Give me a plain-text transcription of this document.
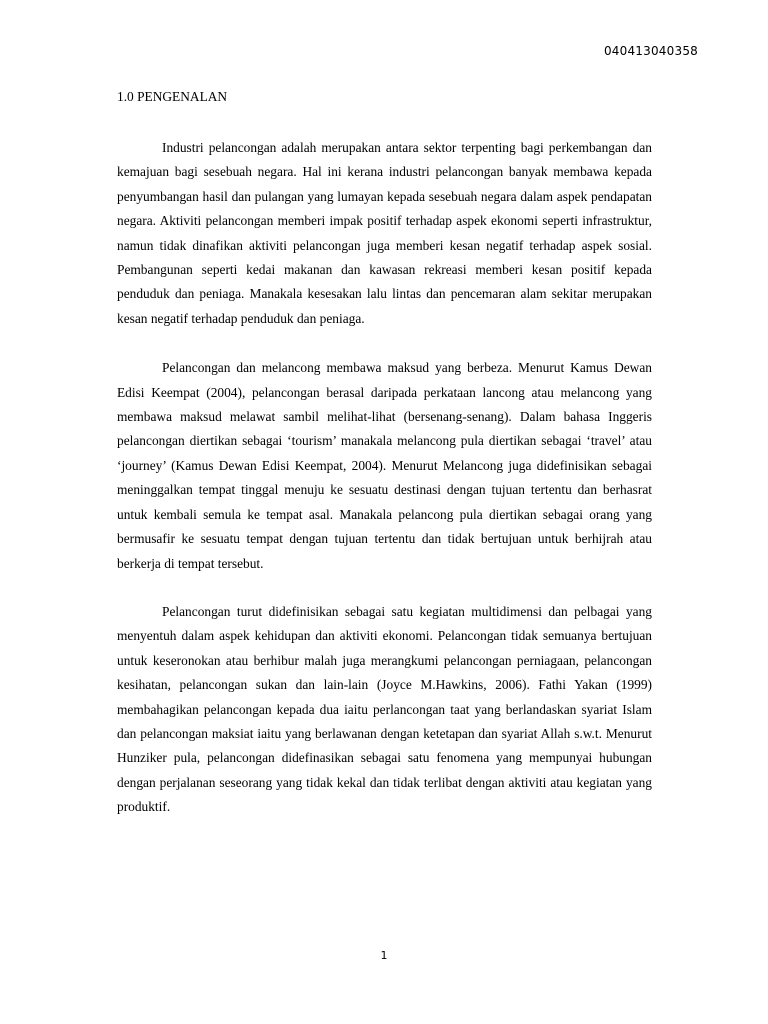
040413040358
1.0 PENGENALAN

Industri pelancongan adalah merupakan antara sektor terpenting bagi perkembangan dan kemajuan bagi sesebuah negara. Hal ini kerana industri pelancongan banyak membawa kepada penyumbangan hasil dan pulangan yang lumayan kepada sesebuah negara dalam aspek pendapatan negara. Aktiviti pelancongan memberi impak positif terhadap aspek ekonomi seperti infrastruktur, namun tidak dinafikan aktiviti pelancongan juga memberi kesan negatif terhadap aspek sosial. Pembangunan seperti kedai makanan dan kawasan rekreasi memberi kesan positif kepada penduduk dan peniaga. Manakala kesesakan lalu lintas dan pencemaran alam sekitar merupakan kesan negatif terhadap penduduk dan peniaga.

Pelancongan dan melancong membawa maksud yang berbeza. Menurut Kamus Dewan Edisi Keempat (2004), pelancongan berasal daripada perkataan lancong atau melancong yang membawa maksud melawat sambil melihat-lihat (bersenang-senang). Dalam bahasa Inggeris pelancongan diertikan sebagai ‘tourism’ manakala melancong pula diertikan sebagai ‘travel’ atau ‘journey’ (Kamus Dewan Edisi Keempat, 2004). Menurut Melancong juga didefinisikan sebagai meninggalkan tempat tinggal menuju ke sesuatu destinasi dengan tujuan tertentu dan berhasrat untuk kembali semula ke tempat asal. Manakala pelancong pula diertikan sebagai orang yang bermusafir ke sesuatu tempat dengan tujuan tertentu dan tidak bertujuan untuk berhijrah atau berkerja di tempat tersebut.

Pelancongan turut didefinisikan sebagai satu kegiatan multidimensi dan pelbagai yang menyentuh dalam aspek kehidupan dan aktiviti ekonomi. Pelancongan tidak semuanya bertujuan untuk keseronokan atau berhibur malah juga merangkumi pelancongan perniagaan, pelancongan kesihatan, pelancongan sukan dan lain-lain (Joyce M.Hawkins, 2006). Fathi Yakan (1999) membahagikan pelancongan kepada dua iaitu perlancongan taat yang berlandaskan syariat Islam dan pelancongan maksiat iaitu yang berlawanan dengan ketetapan dan syariat Allah s.w.t. Menurut Hunziker pula, pelancongan didefinasikan sebagai satu fenomena yang mempunyai hubungan dengan perjalanan seseorang yang tidak kekal dan tidak terlibat dengan aktiviti atau kegiatan yang produktif.

1
